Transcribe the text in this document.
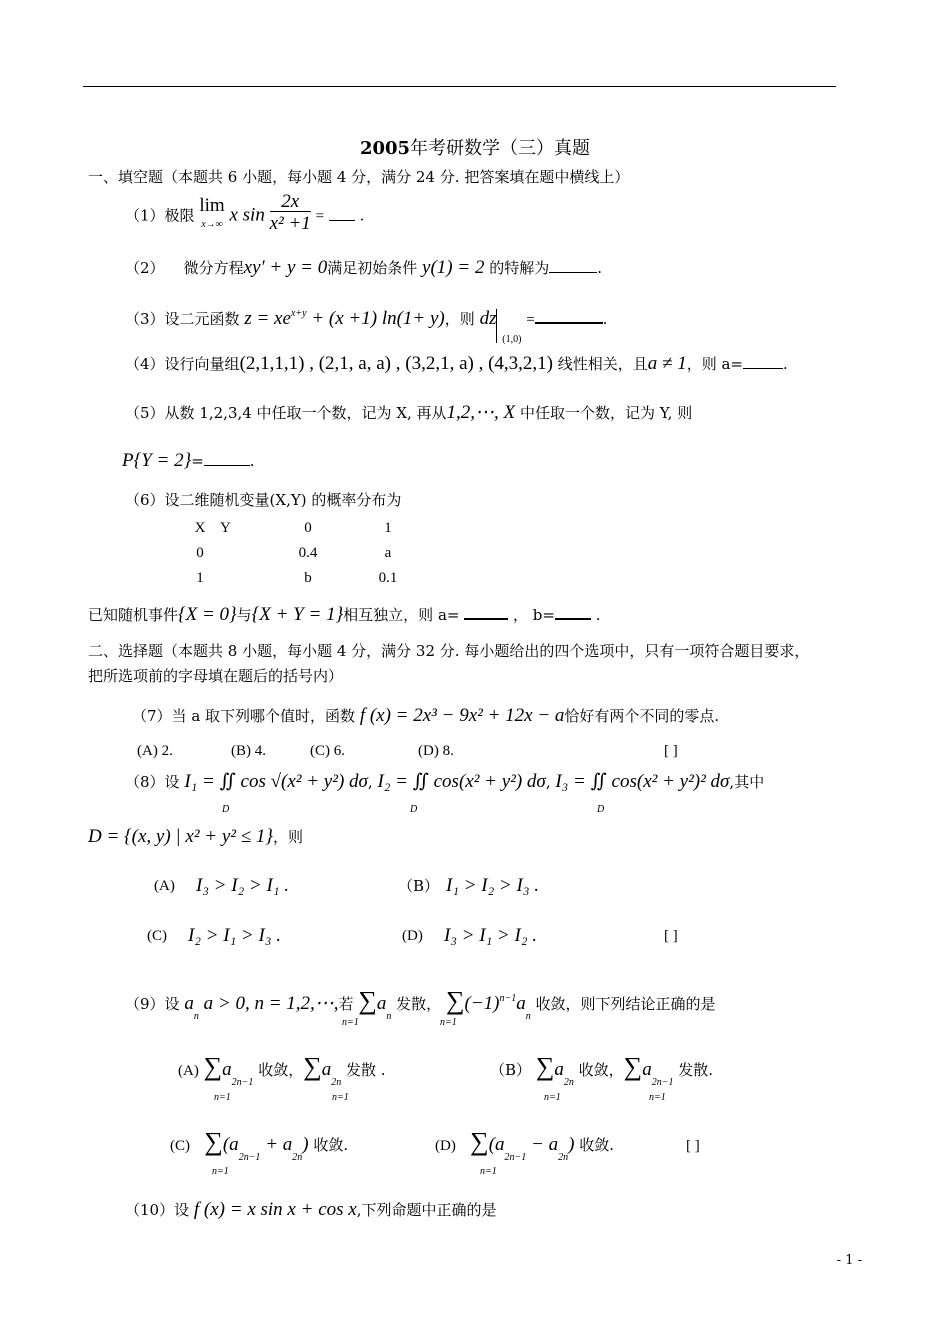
2005年考研数学（三）真题
一、填空题（本题共 6 小题，每小题 4 分，满分 24 分. 把答案填在题中横线上）
（1）极限 lim
x→∞ x $\sin \frac{2x}{\text{x² +1}}$ = .
（2） 微分方程xy′ + y = 0满足初始条件 y(1) = 2 的特解为	.
（3）设二元函数 $z = xe^{x+y} + (x +1)$ ln(1+ y)，则 dz $_{(1,0)}$ =	.
（4）设行向量组(2,1,1,1) , (2,1, a, a) , (3,2,1, a) , (4,3,2,1) 线性相关，且a ≠ 1，则 a=	.
（5）从数 1,2,3,4 中任取一个数，记为 X, 再从1,2,⋯, X 中任取一个数，记为 Y, 则
P{Y = 2}=	.
（6）设二维随机变量(X,Y) 的概率分布为
X	Y	0	1
0		0.4	a
1		b	0.1
已知随机事件{X = 0}与{X + Y = 1}相互独立，则 a=	， b=	.
二、选择题（本题共 8 小题，每小题 4 分，满分 32 分. 每小题给出的四个选项中，只有一项符合题目要求，
把所选项前的字母填在题后的括号内）
（7）当 a 取下列哪个值时，函数 f (x) = 2x³ − 9x² + 12x − a恰好有两个不同的零点.
(A) 2.	(B) 4.	(C) 6.	(D) 8.	[ ]
（8）设 I₁ = ∬ cos √(x² + y²) dσ, I₂ = ∬ cos(x² + y²) dσ, I₃ = ∬ cos(x² + y²)² dσ,其中
D	D	D
D = {(x, y) | x² + y² ≤ 1}，则
(A) I₃ > I₂ > I₁ .	（B） I₁ > I₂ > I₃ .
(C) I₂ > I₁ > I₃ .	(D) I₃ > I₁ > I₂ .	[ ]
（9）设 $a_n$ a > 0, n = 1,2,⋯,若 $\sum a_n$ 发散， $\sum(-1)^{n-1}a_n$ 收敛，则下列结论正确的是
n=1	n=1
(A) $\sum a_{2n-1}$ 收敛，$\sum a_{2n}$ 发散 .
n=1	n=1
（B） $\sum a_{2n}$ 收敛，$\sum a_{2n-1}$ 发散.
n=1	n=1
(C) $\sum(a_{2n-1} + a_{2n})$ 收敛.
n=1
(D) $\sum(a_{2n-1} - a_{2n})$ 收敛.
n=1
[ ]
（10）设 f (x) = x sin x + cos x,下列命题中正确的是
- 1 -
